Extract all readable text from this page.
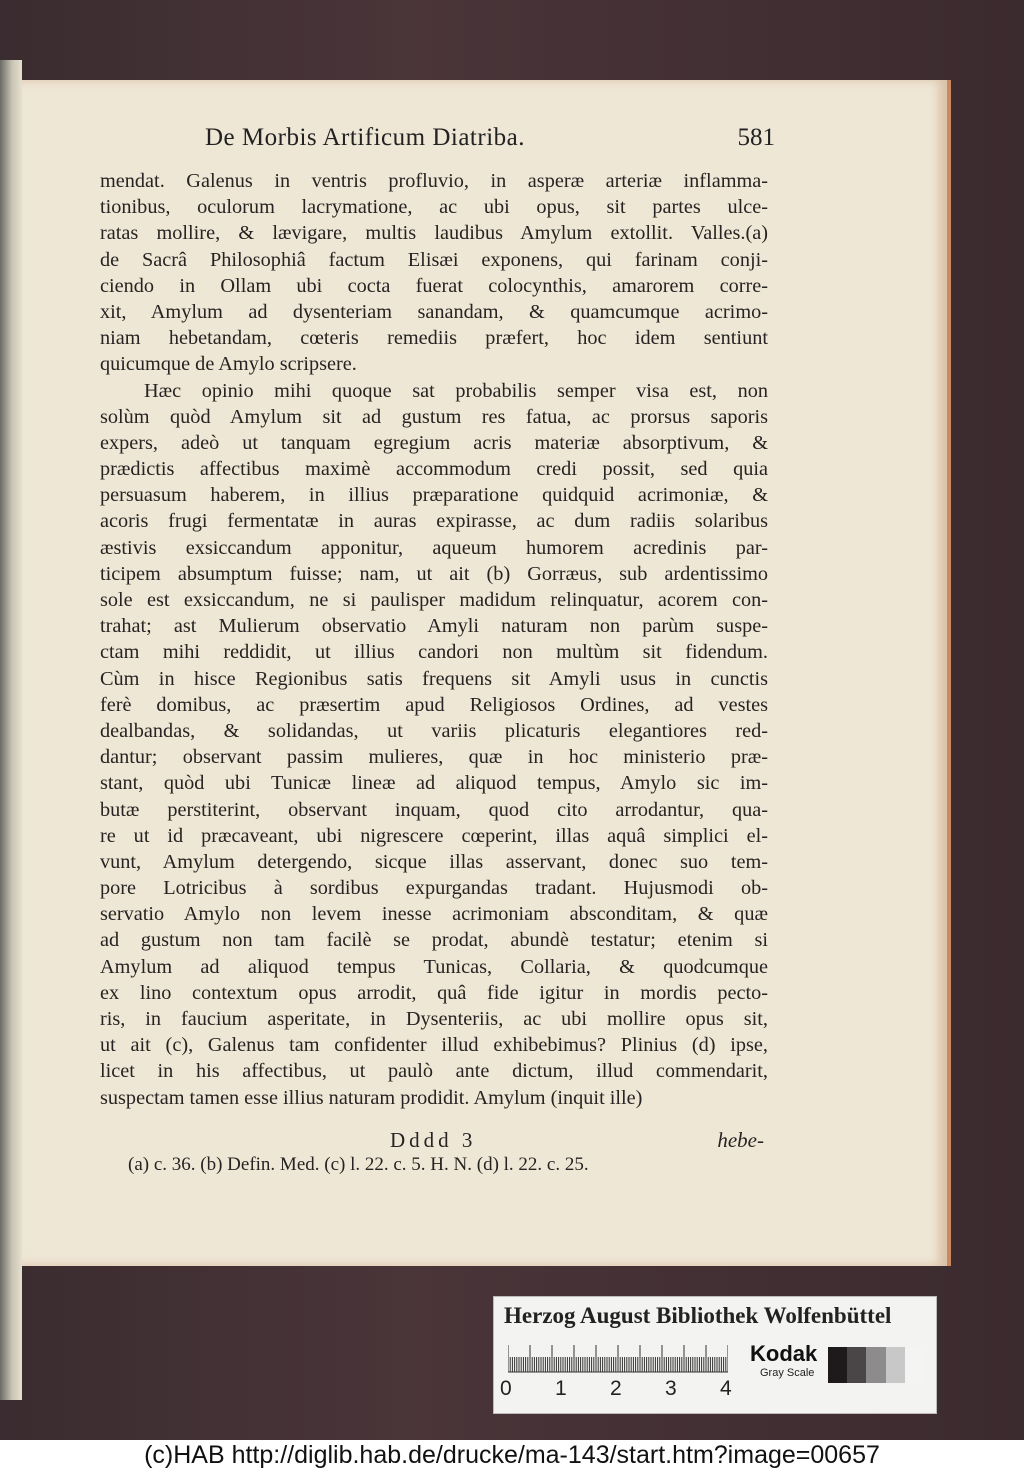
De Morbis Artificum Diatriba.	581
mendat. Galenus in ventris profluvio, in asperæ arteriæ inflamma-
tionibus, oculorum lacrymatione, ac ubi opus, sit partes ulce-
ratas mollire, & lævigare, multis laudibus Amylum extollit. Valles.(a)
de Sacrâ Philosophiâ factum Elisæi exponens, qui farinam conji-
ciendo in Ollam ubi cocta fuerat colocynthis, amarorem corre-
xit, Amylum ad dysenteriam sanandam, & quamcumque acrimo-
niam hebetandam, cœteris remediis præfert, hoc idem sentiunt
quicumque de Amylo scripsere.
Hæc opinio mihi quoque sat probabilis semper visa est, non
solùm quòd Amylum sit ad gustum res fatua, ac prorsus saporis
expers, adeò ut tanquam egregium acris materiæ absorptivum, &
prædictis affectibus maximè accommodum credi possit, sed quia
persuasum haberem, in illius præparatione quidquid acrimoniæ, &
acoris frugi fermentatæ in auras expirasse, ac dum radiis solaribus
æstivis exsiccandum apponitur, aqueum humorem acredinis par-
ticipem absumptum fuisse; nam, ut ait (b) Gorræus, sub ardentissimo
sole est exsiccandum, ne si paulisper madidum relinquatur, acorem con-
trahat; ast Mulierum observatio Amyli naturam non parùm suspe-
ctam mihi reddidit, ut illius candori non multùm sit fidendum.
Cùm in hisce Regionibus satis frequens sit Amyli usus in cunctis
ferè domibus, ac præsertim apud Religiosos Ordines, ad vestes
dealbandas, & solidandas, ut variis plicaturis elegantiores red-
dantur; observant passim mulieres, quæ in hoc ministerio præ-
stant, quòd ubi Tunicæ lineæ ad aliquod tempus, Amylo sic im-
butæ perstiterint, observant inquam, quod cito arrodantur, qua-
re ut id præcaveant, ubi nigrescere cœperint, illas aquâ simplici el-
vunt, Amylum detergendo, sicque illas asservant, donec suo tem-
pore Lotricibus à sordibus expurgandas tradant. Hujusmodi ob-
servatio Amylo non levem inesse acrimoniam absconditam, & quæ
ad gustum non tam facilè se prodat, abundè testatur; etenim si
Amylum ad aliquod tempus Tunicas, Collaria, & quodcumque
ex lino contextum opus arrodit, quâ fide igitur in mordis pecto-
ris, in faucium asperitate, in Dysenteriis, ac ubi mollire opus sit,
ut ait (c), Galenus tam confidenter illud exhibebimus? Plinius (d) ipse,
licet in his affectibus, ut paulò ante dictum, illud commendarit,
suspectam tamen esse illius naturam prodidit. Amylum (inquit ille)
Dddd 3	hebe-
(a) c. 36. (b) Defin. Med. (c) l. 22. c. 5. H. N. (d) l. 22. c. 25.
Herzog August Bibliothek Wolfenbüttel
0 1 2 3 4
Kodak
Gray Scale
(c)HAB http://diglib.hab.de/drucke/ma-143/start.htm?image=00657
